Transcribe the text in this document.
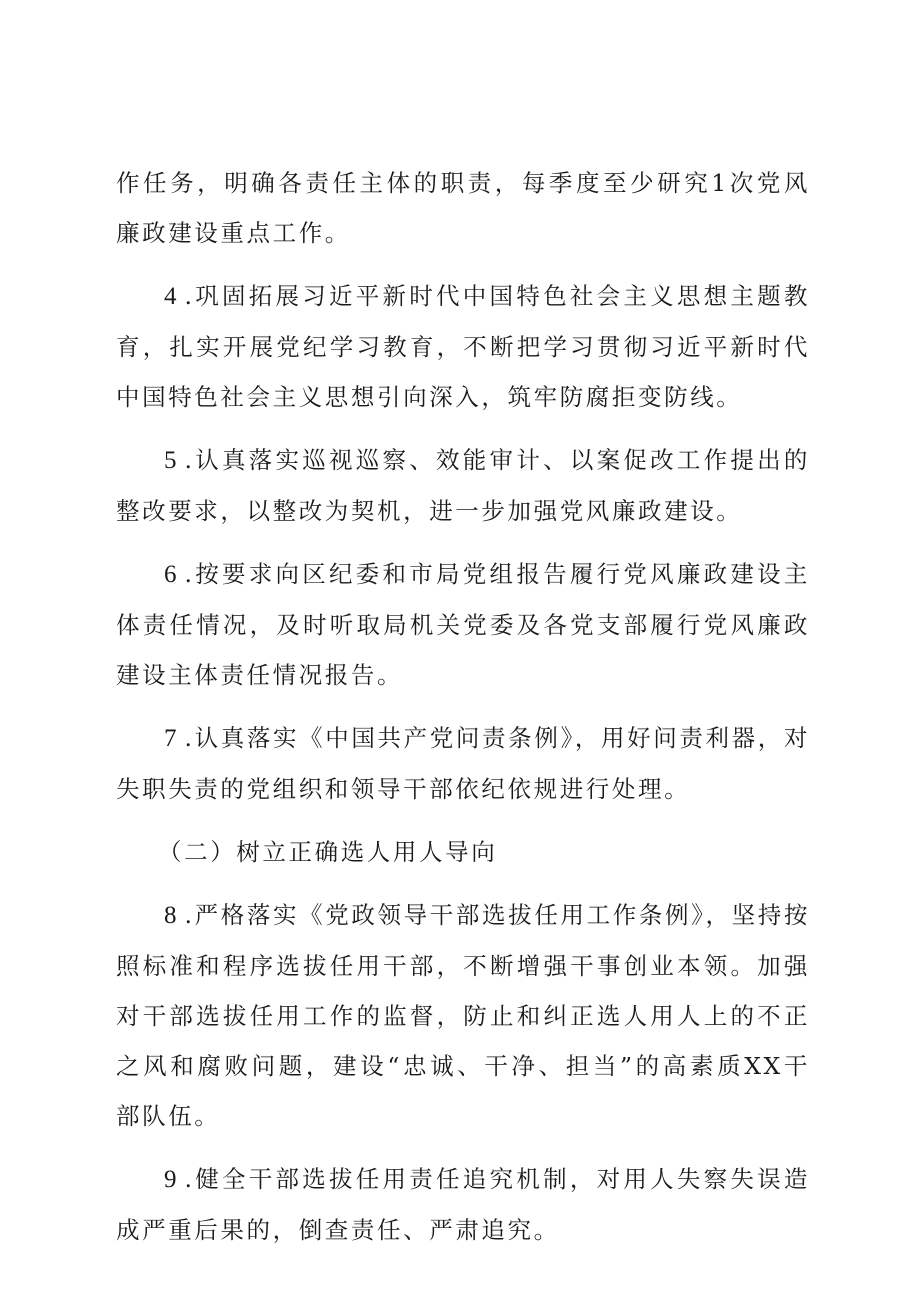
作任务，明确各责任主体的职责，每季度至少研究1次党风廉政建设重点工作。

4 .巩固拓展习近平新时代中国特色社会主义思想主题教育，扎实开展党纪学习教育，不断把学习贯彻习近平新时代中国特色社会主义思想引向深入，筑牢防腐拒变防线。

5 .认真落实巡视巡察、效能审计、以案促改工作提出的整改要求，以整改为契机，进一步加强党风廉政建设。

6 .按要求向区纪委和市局党组报告履行党风廉政建设主体责任情况，及时听取局机关党委及各党支部履行党风廉政建设主体责任情况报告。

7 .认真落实《中国共产党问责条例》，用好问责利器，对失职失责的党组织和领导干部依纪依规进行处理。

（二）树立正确选人用人导向

8 .严格落实《党政领导干部选拔任用工作条例》，坚持按照标准和程序选拔任用干部，不断增强干事创业本领。加强对干部选拔任用工作的监督，防止和纠正选人用人上的不正之风和腐败问题，建设“忠诚、干净、担当”的高素质XX干部队伍。

9 .健全干部选拔任用责任追究机制，对用人失察失误造成严重后果的，倒查责任、严肃追究。
